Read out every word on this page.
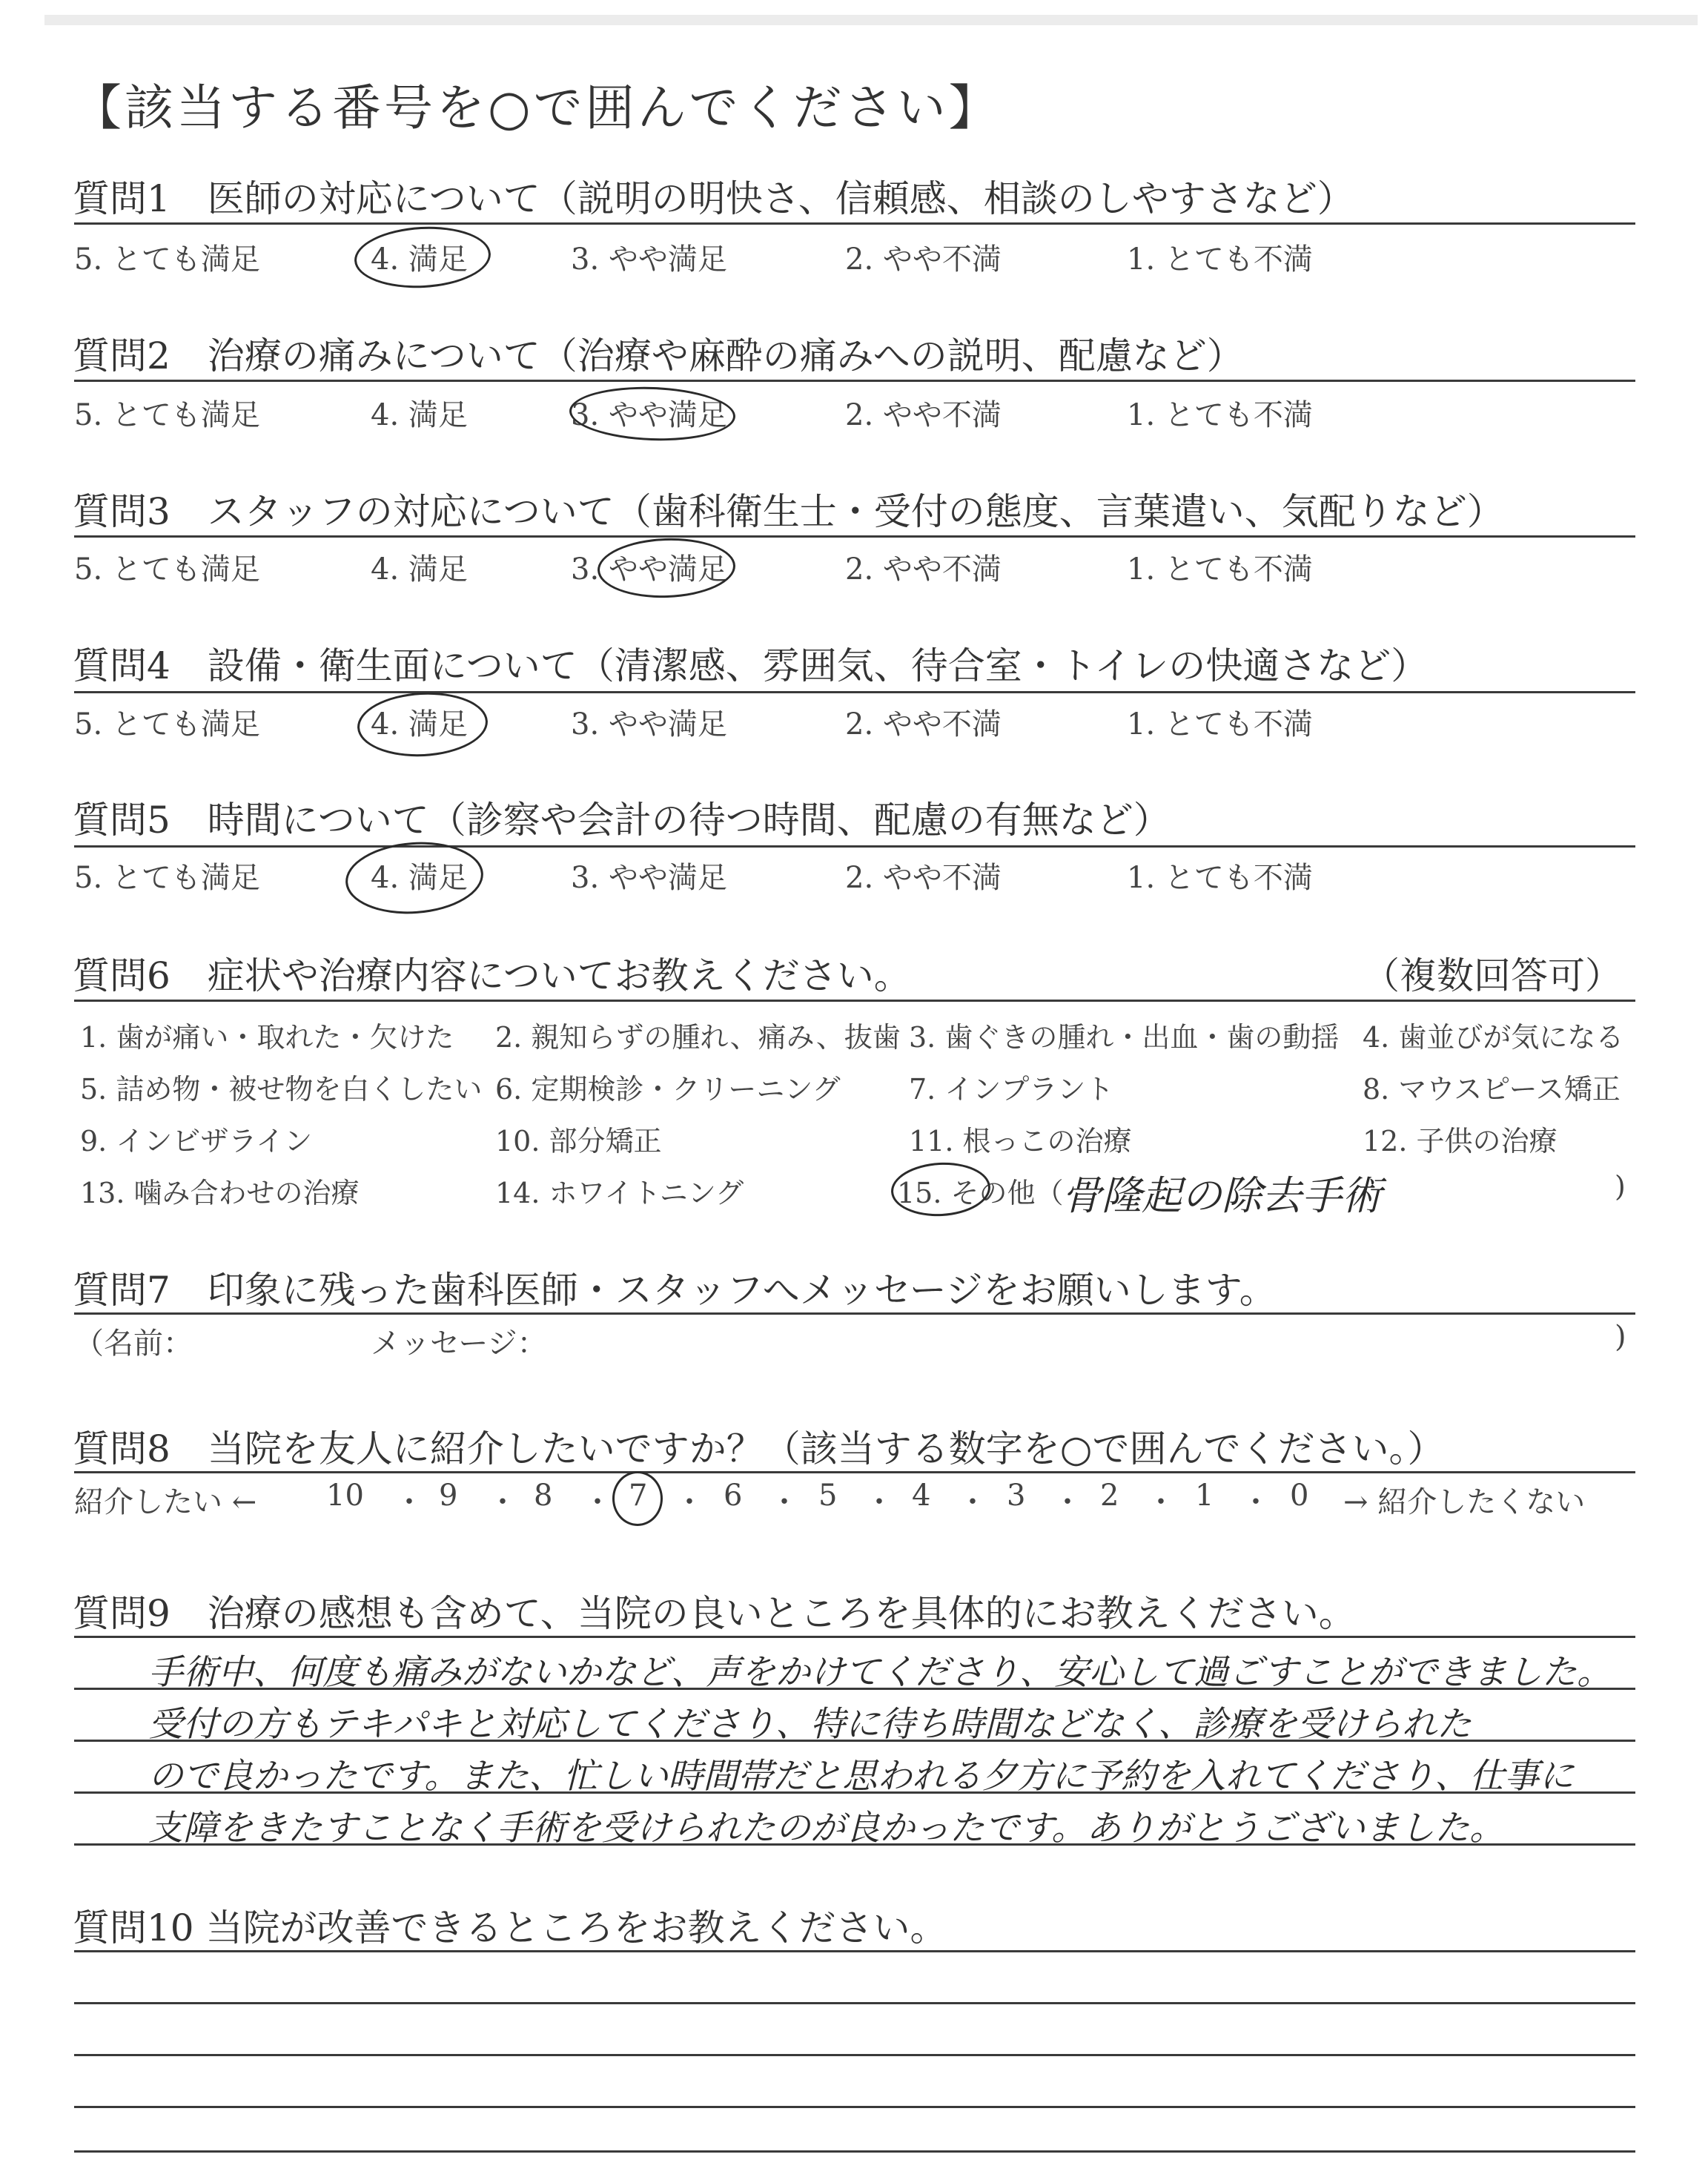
【該当する番号を○で囲んでください】
質問1　医師の対応について（説明の明快さ、信頼感、相談のしやすさなど）
5. とても満足	4. 満足	3. やや満足	2. やや不満	1. とても不満
質問2　治療の痛みについて（治療や麻酔の痛みへの説明、配慮など）
5. とても満足	4. 満足	3. やや満足	2. やや不満	1. とても不満
質問3　スタッフの対応について（歯科衛生士・受付の態度、言葉遣い、気配りなど）
5. とても満足	4. 満足	3. やや満足	2. やや不満	1. とても不満
質問4　設備・衛生面について（清潔感、雰囲気、待合室・トイレの快適さなど）
5. とても満足	4. 満足	3. やや満足	2. やや不満	1. とても不満
質問5　時間について（診察や会計の待つ時間、配慮の有無など）
5. とても満足	4. 満足	3. やや満足	2. やや不満	1. とても不満
質問6　症状や治療内容についてお教えください。	（複数回答可）
1. 歯が痛い・取れた・欠けた 2. 親知らずの腫れ、痛み、抜歯 3. 歯ぐきの腫れ・出血・歯の動揺 4. 歯並びが気になる
5. 詰め物・被せ物を白くしたい 6. 定期検診・クリーニング 7. インプラント	8. マウスピース矯正
9. インビザライン	10. 部分矯正	11. 根っこの治療	12. 子供の治療
13. 噛み合わせの治療	14. ホワイトニング	15. その他（
骨隆起の除去手術	)
質問7　印象に残った歯科医師・スタッフへメッセージをお願いします。
（名前：	メッセージ：	)
質問8　当院を友人に紹介したいですか？（該当する数字を○で囲んでください。）
紹介したい ← 10 ・ 9 ・ 8 ・ 7 ・ 6 ・ 5 ・ 4 ・ 3 ・ 2 ・ 1 ・ 0 → 紹介したくない
質問9　治療の感想も含めて、当院の良いところを具体的にお教えください。
手術中、何度も痛みがないかなど、声をかけてくださり、安心して過ごすことができました。
受付の方もテキパキと対応してくださり、特に待ち時間などなく、診療を受けられた
ので良かったです。また、忙しい時間帯だと思われる夕方に予約を入れてくださり、仕事に
支障をきたすことなく手術を受けられたのが良かったです。ありがとうございました。
質問10 当院が改善できるところをお教えください。
